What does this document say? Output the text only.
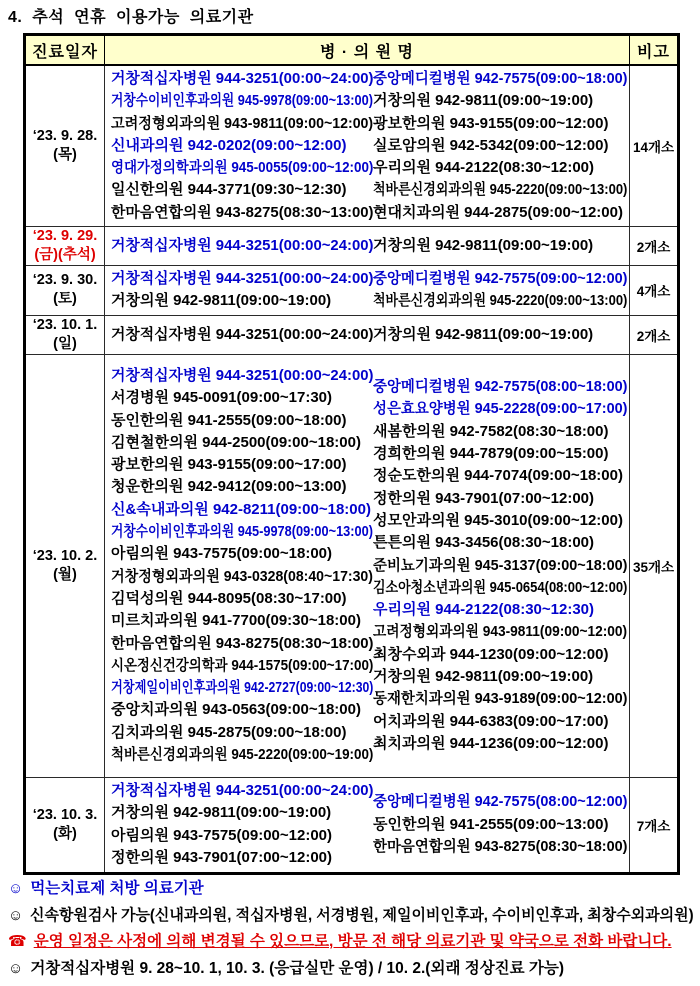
4. 추석 연휴 이용가능 의료기관
진료일자	병 · 의 원 명	비고

‘23. 9. 28.
(목)

거창적십자병원 944-3251(00:00~24:00)
거창수이비인후과의원 945-9978(09:00~13:00)
고려정형외과의원 943-9811(09:00~12:00)
신내과의원 942-0202(09:00~12:00)
영대가정의학과의원 945-0055(09:00~12:00)
일신한의원 944-3771(09:30~12:30)
한마음연합의원 943-8275(08:30~13:00)
중앙메디컬병원 942-7575(09:00~18:00)
거창의원 942-9811(09:00~19:00)
광보한의원 943-9155(09:00~12:00)
실로암의원 942-5342(09:00~12:00)
우리의원 944-2122(08:30~12:00)
척바른신경외과의원 945-2220(09:00~13:00)
현대치과의원 944-2875(09:00~12:00)
	14개소

‘23. 9. 29.
(금)(추석)

거창적십자병원 944-3251(00:00~24:00) 거창의원 942-9811(09:00~19:00)	2개소

‘23. 9. 30.
(토)

거창적십자병원 944-3251(00:00~24:00)
거창의원 942-9811(09:00~19:00)
중앙메디컬병원 942-7575(09:00~12:00)
척바른신경외과의원 945-2220(09:00~13:00)
	4개소

‘23. 10. 1.
(일)

거창적십자병원 944-3251(00:00~24:00) 거창의원 942-9811(09:00~19:00)	2개소

‘23. 10. 2.
(월)

거창적십자병원 944-3251(00:00~24:00)
서경병원 945-0091(09:00~17:30)
동인한의원 941-2555(09:00~18:00)
김현철한의원 944-2500(09:00~18:00)
광보한의원 943-9155(09:00~17:00)
청운한의원 942-9412(09:00~13:00)
신&속내과의원 942-8211(09:00~18:00)
거창수이비인후과의원 945-9978(09:00~13:00)
아림의원 943-7575(09:00~18:00)
거창정형외과의원 943-0328(08:40~17:30)
김덕성의원 944-8095(08:30~17:00)
미르치과의원 941-7700(09:30~18:00)
한마음연합의원 943-8275(08:30~18:00)
시온정신건강의학과 944-1575(09:00~17:00)
거창제일이비인후과의원 942-2727(09:00~12:30)
중앙치과의원 943-0563(09:00~18:00)
김치과의원 945-2875(09:00~18:00)
척바른신경외과의원 945-2220(09:00~19:00)
중앙메디컬병원 942-7575(08:00~18:00)
성은효요양병원 945-2228(09:00~17:00)
새봄한의원 942-7582(08:30~18:00)
경희한의원 944-7879(09:00~15:00)
정순도한의원 944-7074(09:00~18:00)
정한의원 943-7901(07:00~12:00)
성모안과의원 945-3010(09:00~12:00)
튼튼의원 943-3456(08:30~18:00)
준비뇨기과의원 945-3137(09:00~18:00)
김소아청소년과의원 945-0654(08:00~12:00)
우리의원 944-2122(08:30~12:30)
고려정형외과의원 943-9811(09:00~12:00)
최창수외과 944-1230(09:00~12:00)
거창의원 942-9811(09:00~19:00)
동재한치과의원 943-9189(09:00~12:00)
어치과의원 944-6383(09:00~17:00)
최치과의원 944-1236(09:00~12:00)
	35개소

‘23. 10. 3.
(화)

거창적십자병원 944-3251(00:00~24:00)
거창의원 942-9811(09:00~19:00)
아림의원 943-7575(09:00~12:00)
정한의원 943-7901(07:00~12:00)
중앙메디컬병원 942-7575(08:00~12:00)
동인한의원 941-2555(09:00~13:00)
한마음연합의원 943-8275(08:30~18:00)
	7개소
☺ 먹는치료제 처방 의료기관
☺ 신속항원검사 가능(신내과의원, 적십자병원, 서경병원, 제일이비인후과, 수이비인후과, 최창수외과의원)
☎ 운영 일정은 사정에 의해 변경될 수 있으므로, 방문 전 해당 의료기관 및 약국으로 전화 바랍니다.
☺ 거창적십자병원 9. 28~10. 1, 10. 3. (응급실만 운영) / 10. 2.(외래 정상진료 가능)
